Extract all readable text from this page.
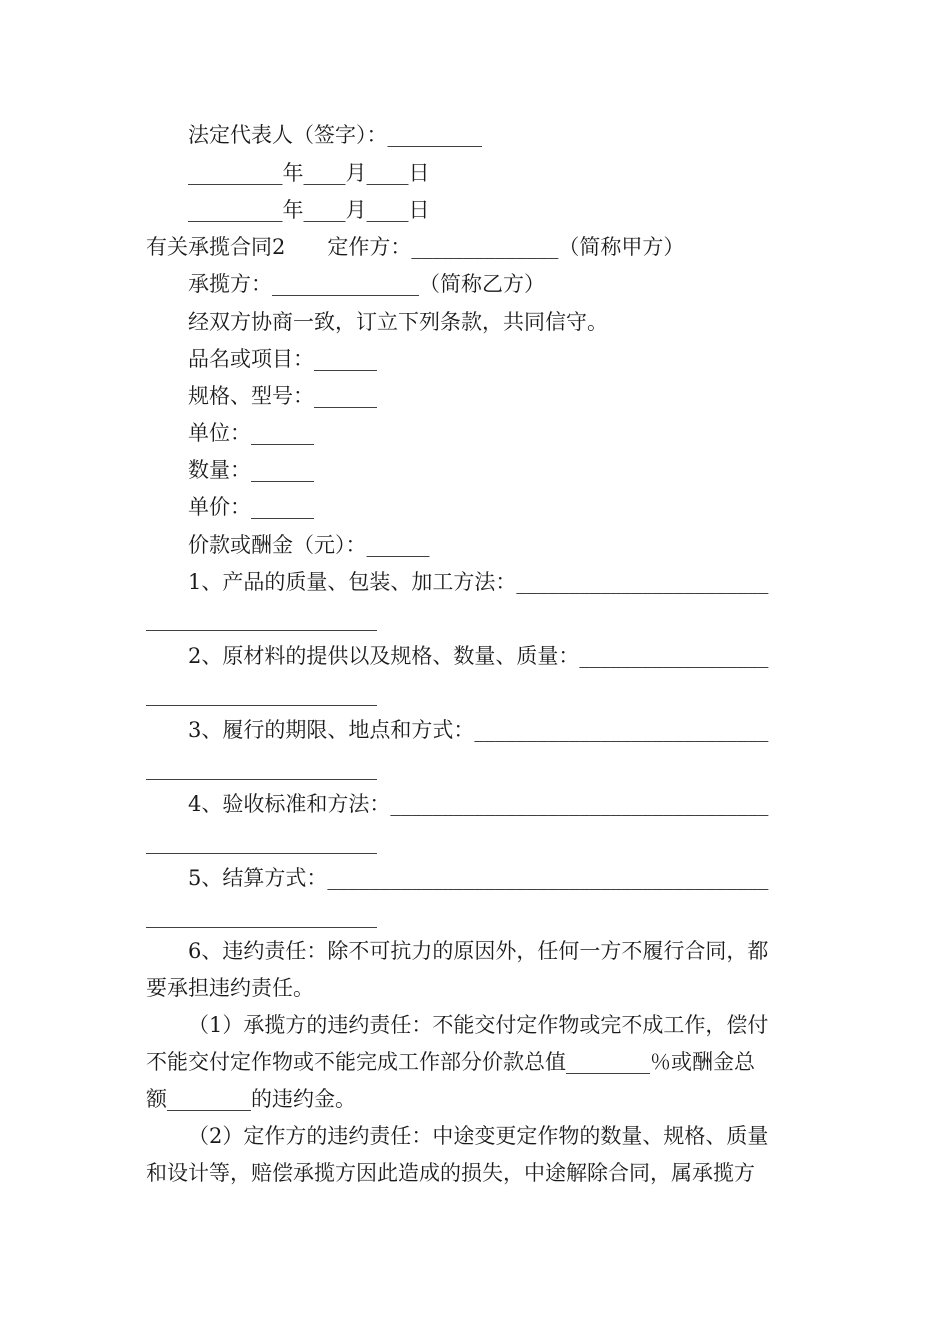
法定代表人（签字）：_________
_________年____月____日
_________年____月____日
有关承揽合同2　　定作方：______________（简称甲方）
承揽方：______________（简称乙方）
经双方协商一致，订立下列条款，共同信守。
品名或项目：______
规格、型号：______
单位：______
数量：______
单价：______
价款或酬金（元）：______
1、产品的质量、包装、加工方法：________________________
______________________
2、原材料的提供以及规格、数量、质量：__________________
______________________
3、履行的期限、地点和方式：____________________________
______________________
4、验收标准和方法：____________________________________
______________________
5、结算方式：__________________________________________
______________________
6、违约责任：除不可抗力的原因外，任何一方不履行合同，都
要承担违约责任。
（1）承揽方的违约责任：不能交付定作物或完不成工作，偿付
不能交付定作物或不能完成工作部分价款总值________％或酬金总
额________的违约金。
（2）定作方的违约责任：中途变更定作物的数量、规格、质量
和设计等，赔偿承揽方因此造成的损失，中途解除合同，属承揽方
